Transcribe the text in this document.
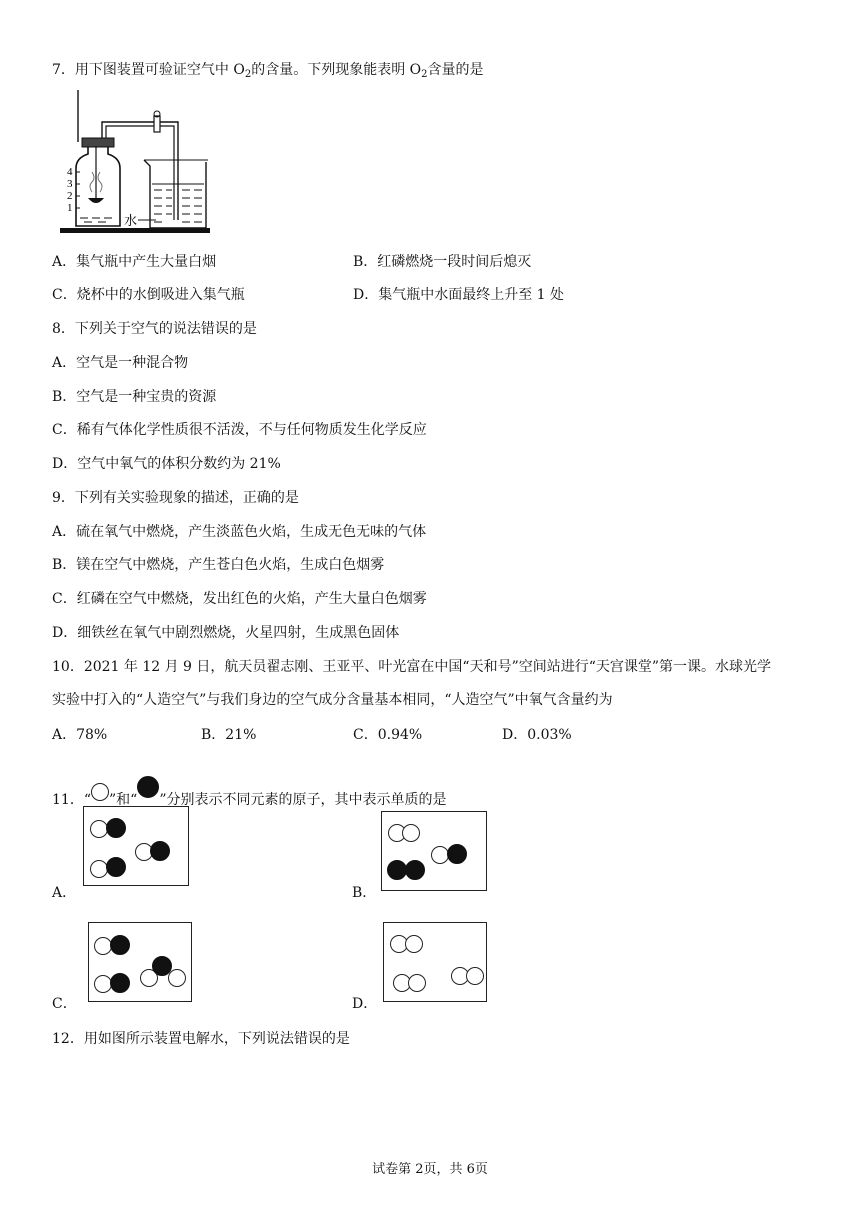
7．用下图装置可验证空气中 $O_2$的含量。下列现象能表明 $O_2$含量的是
4
3
2
1
水
A．集气瓶中产生大量白烟	B．红磷燃烧一段时间后熄灭
C．烧杯中的水倒吸进入集气瓶	D．集气瓶中水面最终上升至 1 处
8．下列关于空气的说法错误的是
A．空气是一种混合物
B．空气是一种宝贵的资源
C．稀有气体化学性质很不活泼，不与任何物质发生化学反应
D．空气中氧气的体积分数约为 21%
9．下列有关实验现象的描述，正确的是
A．硫在氧气中燃烧，产生淡蓝色火焰，生成无色无味的气体
B．镁在空气中燃烧，产生苍白色火焰，生成白色烟雾
C．红磷在空气中燃烧，发出红色的火焰，产生大量白色烟雾
D．细铁丝在氧气中剧烈燃烧，火星四射，生成黑色固体
10．2021 年 12 月 9 日，航天员翟志刚、王亚平、叶光富在中国“天和号”空间站进行“天宫课堂”第一课。水球光学
实验中打入的“人造空气”与我们身边的空气成分含量基本相同，“人造空气”中氧气含量约为
A．78%	B．21%	C．0.94%	D．0.03%
11．“ ”和“ ”分别表示不同元素的原子，其中表示单质的是
A．	B．
C．	D．
12．用如图所示装置电解水，下列说法错误的是
试卷第 2页，共 6页
